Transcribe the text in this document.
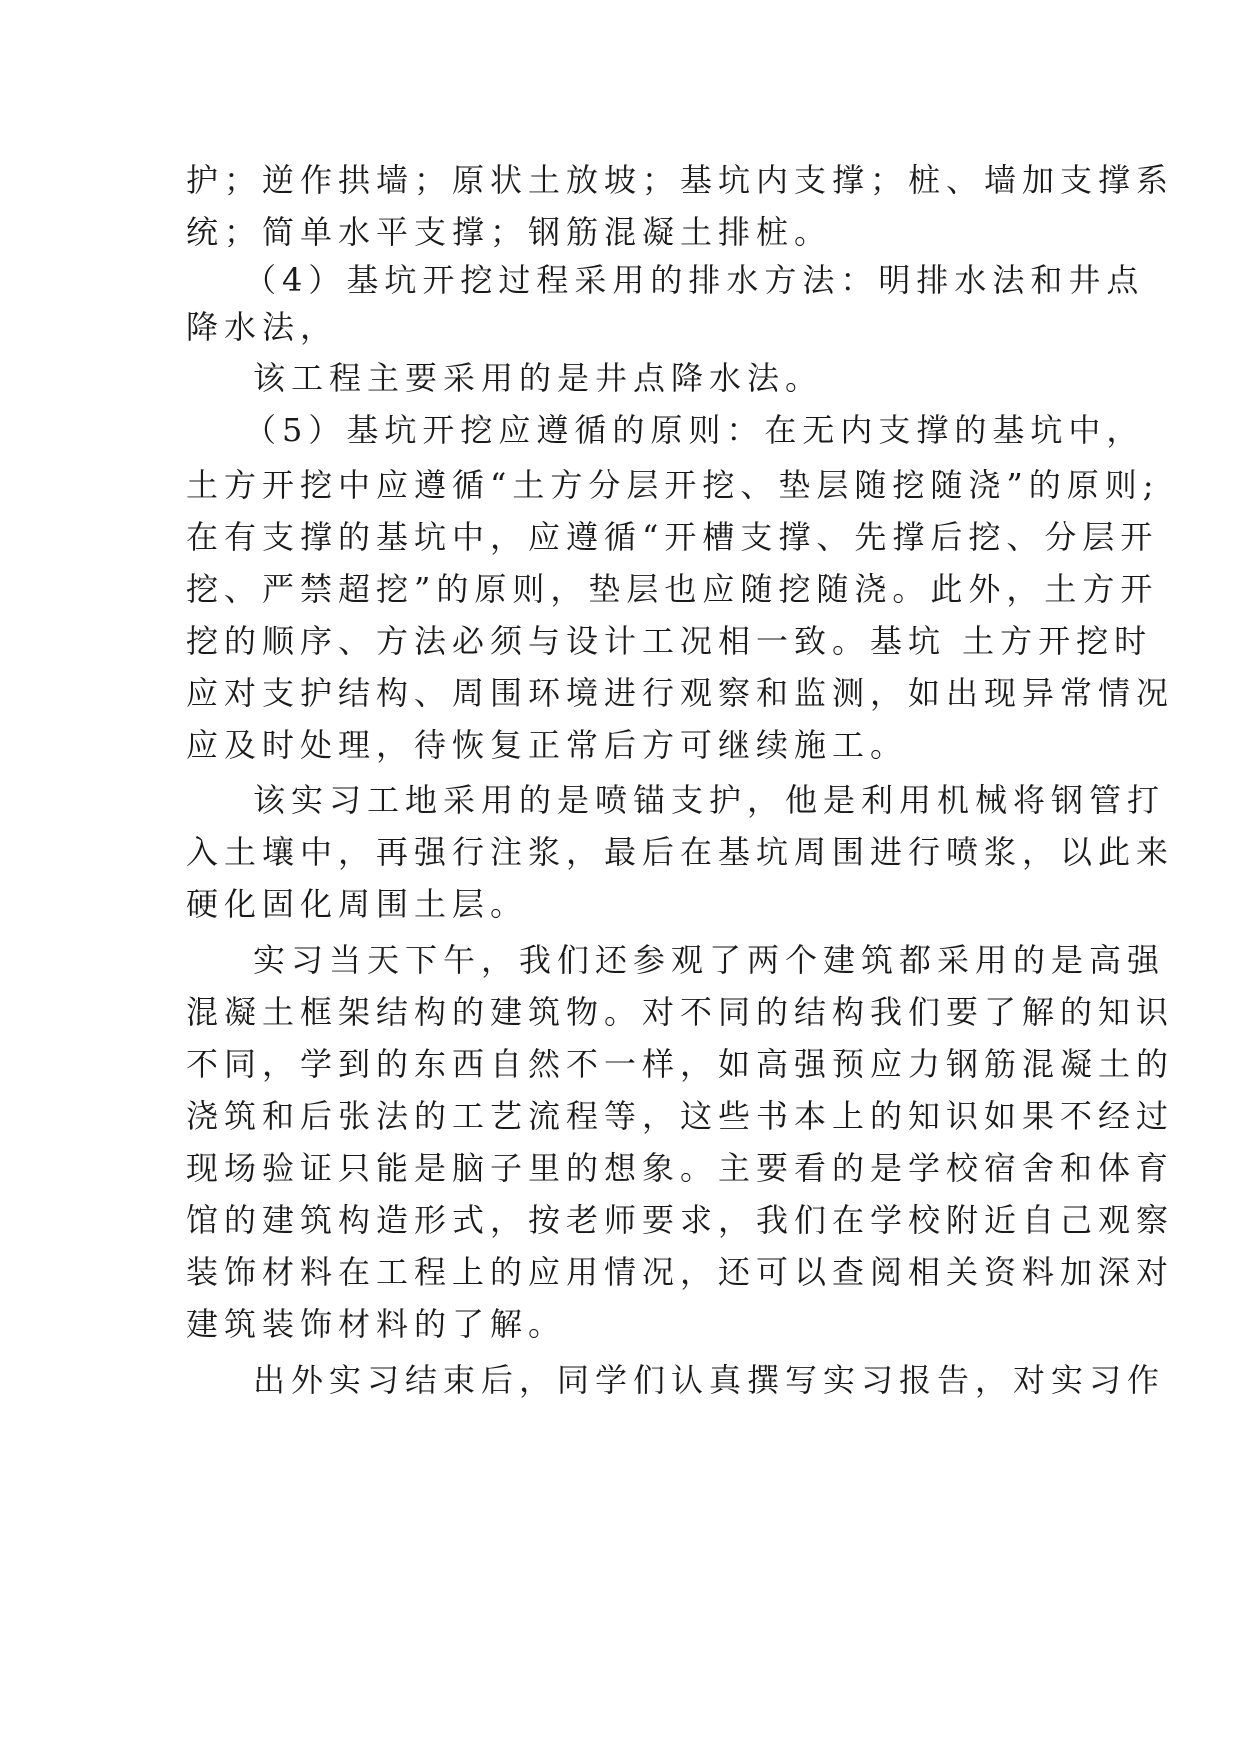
护；逆作拱墙；原状土放坡；基坑内支撑；桩、墙加支撑系
统；简单水平支撑；钢筋混凝土排桩。
（4）基坑开挖过程采用的排水方法：明排水法和井点
降水法，
该工程主要采用的是井点降水法。
（5）基坑开挖应遵循的原则：在无内支撑的基坑中，
土方开挖中应遵循“土方分层开挖、垫层随挖随浇”的原则;
在有支撑的基坑中，应遵循“开槽支撑、先撑后挖、分层开
挖、严禁超挖”的原则，垫层也应随挖随浇。此外，土方开
挖的顺序、方法必须与设计工况相一致。基坑 土方开挖时
应对支护结构、周围环境进行观察和监测，如出现异常情况
应及时处理，待恢复正常后方可继续施工。
该实习工地采用的是喷锚支护，他是利用机械将钢管打
入土壤中，再强行注浆，最后在基坑周围进行喷浆，以此来
硬化固化周围土层。
实习当天下午，我们还参观了两个建筑都采用的是高强
混凝土框架结构的建筑物。对不同的结构我们要了解的知识
不同，学到的东西自然不一样，如高强预应力钢筋混凝土的
浇筑和后张法的工艺流程等，这些书本上的知识如果不经过
现场验证只能是脑子里的想象。主要看的是学校宿舍和体育
馆的建筑构造形式，按老师要求，我们在学校附近自己观察
装饰材料在工程上的应用情况，还可以查阅相关资料加深对
建筑装饰材料的了解。
出外实习结束后，同学们认真撰写实习报告，对实习作
